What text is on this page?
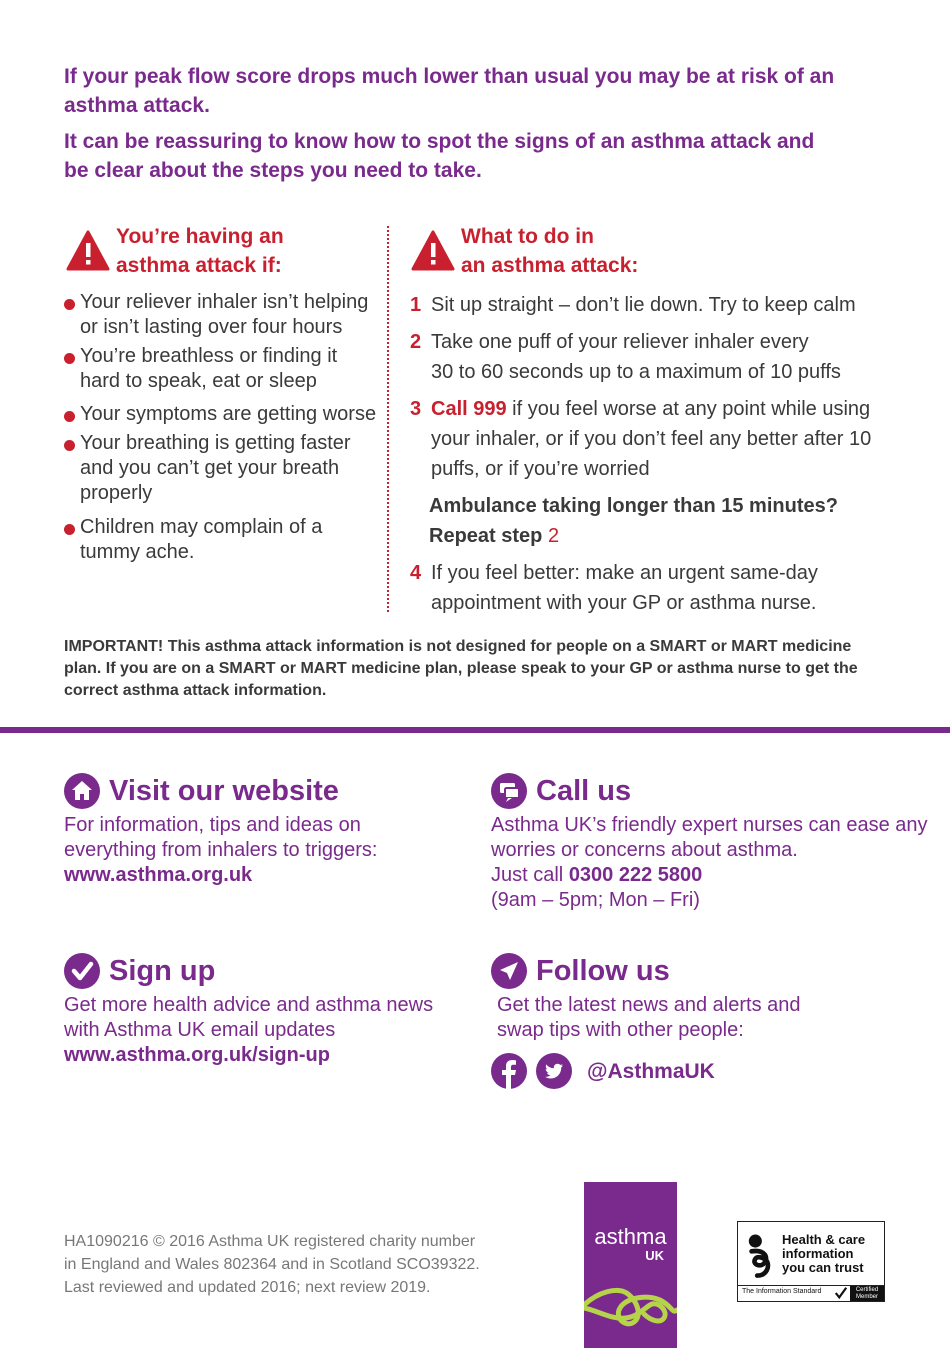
If your peak flow score drops much lower than usual you may be at risk of an asthma attack.

It can be reassuring to know how to spot the signs of an asthma attack and be clear about the steps you need to take.

You’re having an
asthma attack if:
What to do in
an asthma attack:
Your reliever inhaler isn’t helping or isn’t lasting over four hours
You’re breathless or finding it hard to speak, eat or sleep
Your symptoms are getting worse
Your breathing is getting faster and you can’t get your breath properly
Children may complain of a tummy ache.
1 Sit up straight – don’t lie down. Try to keep calm
2 Take one puff of your reliever inhaler every
30 to 60 seconds up to a maximum of 10 puffs
3 Call 999 if you feel worse at any point while using your inhaler, or if you don’t feel any better after 10 puffs, or if you’re worried
Ambulance taking longer than 15 minutes?
Repeat step 2
4 If you feel better: make an urgent same-day
appointment with your GP or asthma nurse.

IMPORTANT! This asthma attack information is not designed for people on a SMART or MART medicine plan. If you are on a SMART or MART medicine plan, please speak to your GP or asthma nurse to get the correct asthma attack information.

Visit our website

For information, tips and ideas on everything from inhalers to triggers:

www.asthma.org.uk

Call us

Asthma UK’s friendly expert nurses can ease any worries or concerns about asthma.

Just call 0300 222 5800

(9am – 5pm; Mon – Fri)

Sign up

Get more health advice and asthma news with Asthma UK email updates

www.asthma.org.uk/sign-up

Follow us

Get the latest news and alerts and swap tips with other people:

@AsthmaUK

HA1090216 © 2016 Asthma UK registered charity number

in England and Wales 802364 and in Scotland SCO39322.

Last reviewed and updated 2016; next review 2019.

asthma
UK
Health & care
information
you can trust
The Information Standard	Certified Member
